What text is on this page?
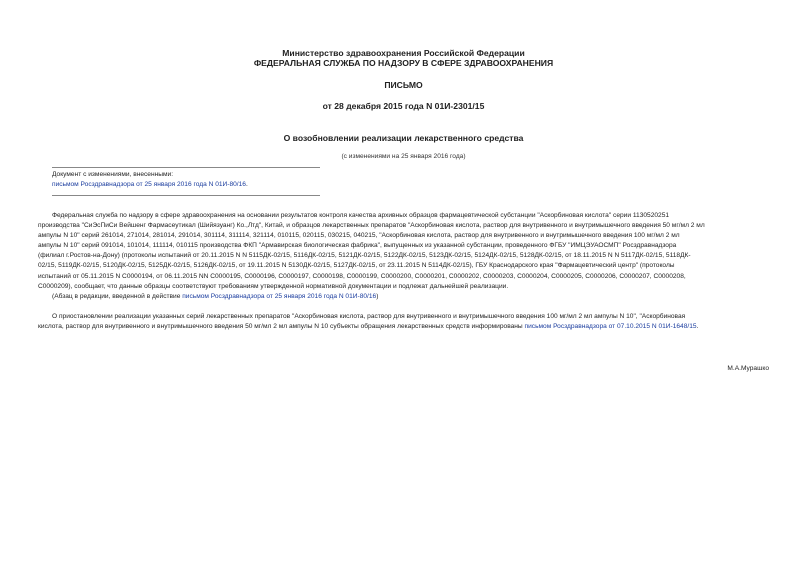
Министерство здравоохранения Российской Федерации
ФЕДЕРАЛЬНАЯ СЛУЖБА ПО НАДЗОРУ В СФЕРЕ ЗДРАВООХРАНЕНИЯ
ПИСЬМО
от 28 декабря 2015 года N 01И-2301/15
О возобновлении реализации лекарственного средства
(с изменениями на 25 января 2016 года)
Документ с изменениями, внесенными:
письмом Росздравнадзора от 25 января 2016 года N 01И-80/16.
Федеральная служба по надзору в сфере здравоохранения на основании результатов контроля качества архивных образцов фармацевтической субстанции "Аскорбиновая кислота" серии 1130520251
производства "СиЭсПиСи Вейшенг Фармасеутикал (Шийязуанг) Ко.,Лтд", Китай, и образцов лекарственных препаратов "Аскорбиновая кислота, раствор для внутривенного и внутримышечного введения 50 мг/мл 2 мл
ампулы N 10" серий 261014, 271014, 281014, 291014, 301114, 311114, 321114, 010115, 020115, 030215, 040215, "Аскорбиновая кислота, раствор для внутривенного и внутримышечного введения 100 мг/мл 2 мл
ампулы N 10" серий 091014, 101014, 111114, 010115 производства ФКП "Армавирская биологическая фабрика", выпущенных из указанной субстанции, проведенного ФГБУ "ИМЦЭУАОСМП" Росздравнадзора
(филиал г.Ростов-на-Дону) (протоколы испытаний от 20.11.2015 N N 5115ДК-02/15, 5116ДК-02/15, 5121ДК-02/15, 5122ДК-02/15, 5123ДК-02/15, 5124ДК-02/15, 5128ДК-02/15, от 18.11.2015 N N 5117ДК-02/15, 5118ДК-
02/15, 5119ДК-02/15, 5120ДК-02/15, 5125ДК-02/15, 5126ДК-02/15, от 19.11.2015 N 5130ДК-02/15, 5127ДК-02/15, от 23.11.2015 N 5114ДК-02/15), ГБУ Краснодарского края "Фармацевтический центр" (протоколы
испытаний от 05.11.2015 N C0000194, от 06.11.2015 NN C0000195, C0000196, C0000197, C0000198, C0000199, C0000200, C0000201, C0000202, C0000203, C0000204, C0000205, C0000206, C0000207, C0000208,
C0000209), сообщает, что данные образцы соответствуют требованиям утвержденной нормативной документации и подлежат дальнейшей реализации.
(Абзац в редакции, введенной в действие письмом Росздравнадзора от 25 января 2016 года N 01И-80/16)
О приостановлении реализации указанных серий лекарственных препаратов "Аскорбиновая кислота, раствор для внутривенного и внутримышечного введения 100 мг/мл 2 мл ампулы N 10", "Аскорбиновая
кислота, раствор для внутривенного и внутримышечного введения 50 мг/мл 2 мл ампулы N 10 субъекты обращения лекарственных средств информированы письмом Росздравнадзора от 07.10.2015 N 01И-1648/15.
М.А.Мурашко
